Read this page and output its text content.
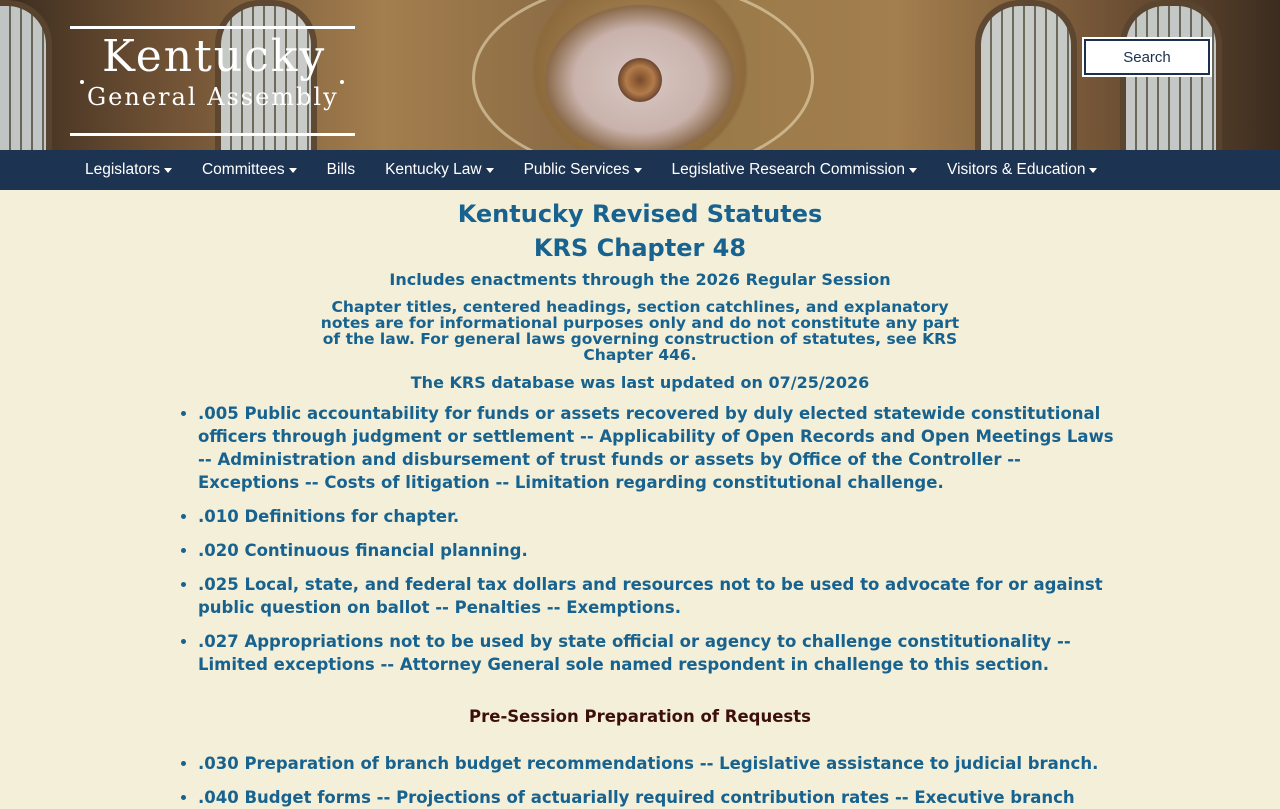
Kentucky
General Assembly
Search
Legislators	Committees	Bills Kentucky Law	Public Services	Legislative Research Commission	Visitors & Education
Kentucky Revised Statutes
KRS Chapter 48
Includes enactments through the 2026 Regular Session
Chapter titles, centered headings, section catchlines, and explanatory notes are for informational purposes only and do not constitute any part of the law. For general laws governing construction of statutes, see KRS Chapter 446.
The KRS database was last updated on 07/25/2026
.005 Public accountability for funds or assets recovered by duly elected statewide constitutional officers through judgment or settlement -- Applicability of Open Records and Open Meetings Laws -- Administration and disbursement of trust funds or assets by Office of the Controller -- Exceptions -- Costs of litigation -- Limitation regarding constitutional challenge.
.010 Definitions for chapter.
.020 Continuous financial planning.
.025 Local, state, and federal tax dollars and resources not to be used to advocate for or against public question on ballot -- Penalties -- Exemptions.
.027 Appropriations not to be used by state official or agency to challenge constitutionality -- Limited exceptions -- Attorney General sole named respondent in challenge to this section.
Pre-Session Preparation of Requests
.030 Preparation of branch budget recommendations -- Legislative assistance to judicial branch.
.040 Budget forms -- Projections of actuarially required contribution rates -- Executive branch
